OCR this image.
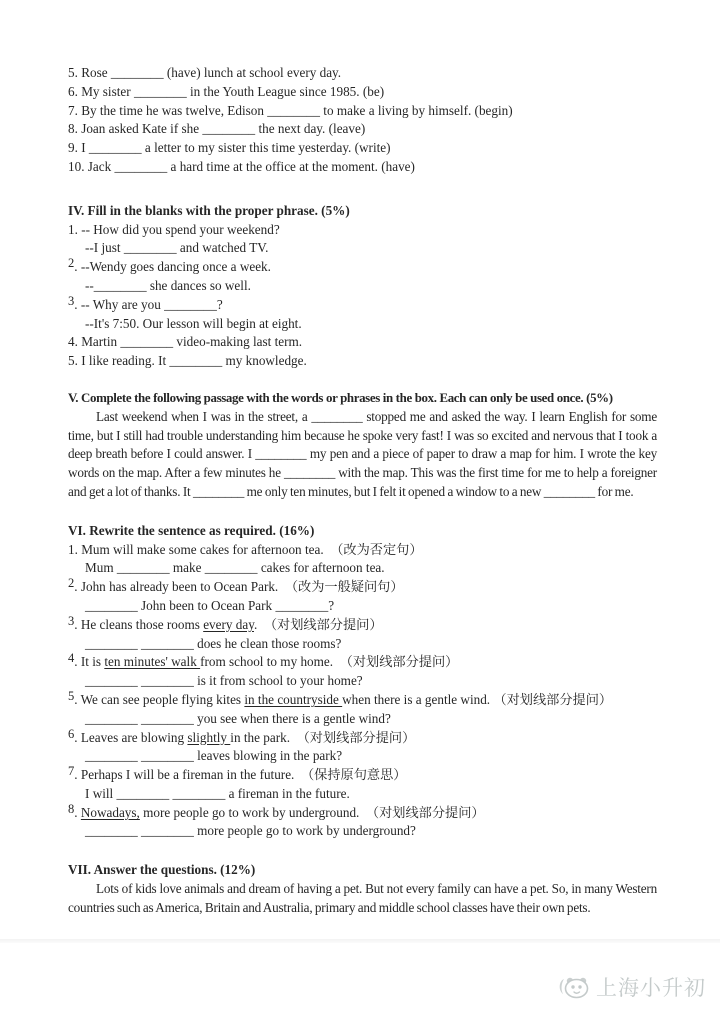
5. Rose ________ (have) lunch at school every day.
6. My sister ________ in the Youth League since 1985. (be)
7. By the time he was twelve, Edison ________ to make a living by himself. (begin)
8. Joan asked Kate if she ________ the next day. (leave)
9. I ________ a letter to my sister this time yesterday. (write)
10. Jack ________ a hard time at the office at the moment. (have)
IV. Fill in the blanks with the proper phrase. (5%)
1. -- How did you spend your weekend?
--I just ________ and watched TV.
2. --Wendy goes dancing once a week.
--________ she dances so well.
3. -- Why are you ________?
--It's 7:50. Our lesson will begin at eight.
4. Martin ________ video-making last term.
5. I like reading. It ________ my knowledge.
V. Complete the following passage with the words or phrases in the box. Each can only be used once. (5%)

Last weekend when I was in the street, a ________ stopped me and asked the way. I learn English for some time, but I still had trouble understanding him because he spoke very fast! I was so excited and nervous that I took a deep breath before I could answer. I ________ my pen and a piece of paper to draw a map for him. I wrote the key words on the map. After a few minutes he ________ with the map. This was the first time for me to help a foreigner and get a lot of thanks. It ________ me only ten minutes, but I felt it opened a window to a new ________ for me.

VI. Rewrite the sentence as required. (16%)
1. Mum will make some cakes for afternoon tea.  （改为否定句）
Mum ________ make ________ cakes for afternoon tea.
2. John has already been to Ocean Park.  （改为一般疑问句）
________ John been to Ocean Park ________?
3. He cleans those rooms every day.  （对划线部分提问）
________ ________ does he clean those rooms?
4. It is ten minutes' walk from school to my home.  （对划线部分提问）
________ ________ is it from school to your home?
5. We can see people flying kites in the countryside when there is a gentle wind. （对划线部分提问）
________ ________ you see when there is a gentle wind?
6. Leaves are blowing slightly in the park.  （对划线部分提问）
________ ________ leaves blowing in the park?
7. Perhaps I will be a fireman in the future.  （保持原句意思）
I will ________ ________ a fireman in the future.
8. Nowadays, more people go to work by underground.  （对划线部分提问）
________ ________ more people go to work by underground?
VII. Answer the questions. (12%)

Lots of kids love animals and dream of having a pet. But not every family can have a pet. So, in many Western countries such as America, Britain and Australia, primary and middle school classes have their own pets.

上海小升初
